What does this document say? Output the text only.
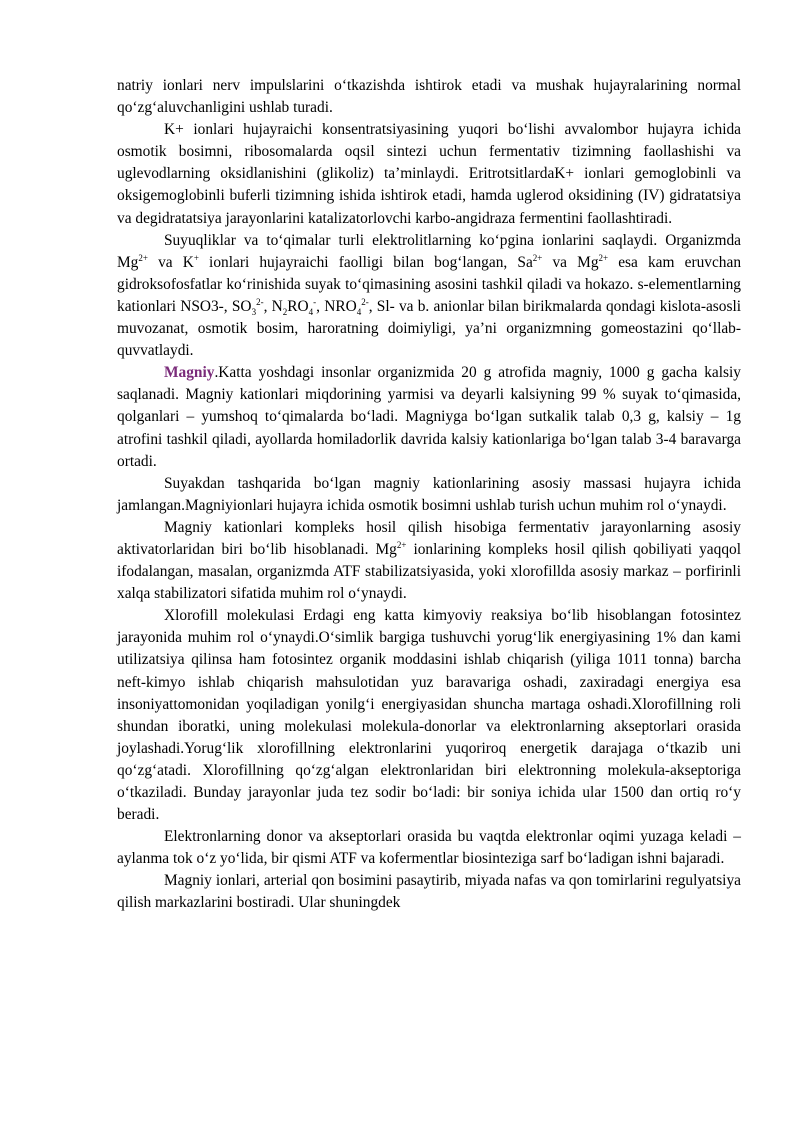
natriy ionlari nerv impulslarini o‘tkazishda ishtirok etadi va mushak hujayralarining normal qo‘zg‘aluvchanligini ushlab turadi.

K+ ionlari hujayraichi konsentratsiyasining yuqori bo‘lishi avvalombor hujayra ichida osmotik bosimni, ribosomalarda oqsil sintezi uchun fermentativ tizimning faollashishi va uglevodlarning oksidlanishini (glikoliz) ta’minlaydi. EritrotsitlardaK+ ionlari gemoglobinli va oksigemoglobinli buferli tizimning ishida ishtirok etadi, hamda uglerod oksidining (IV) gidratatsiya va degidratatsiya jarayonlarini katalizatorlovchi karbo-angidraza fermentini faollashtiradi.

Suyuqliklar va to‘qimalar turli elektrolitlarning ko‘pgina ionlarini saqlaydi. Organizmda $Mg^{2+}$ va K+ ionlari hujayraichi faolligi bilan bog‘langan, $Sa^{2+}$ va $Mg^{2+}$ esa kam eruvchan gidroksofosfatlar ko‘rinishida suyak to‘qimasining asosini tashkil qiladi va hokazo. s-elementlarning kationlari NSO3-, $SO_3^{2-}$, $N_2RO_4^-$, $NRO_4^{2-}$, Sl- va b. anionlar bilan birikmalarda qondagi kislota-asosli muvozanat, osmotik bosim, haroratning doimiyligi, ya’ni organizmning gomeostazini qo‘llab-quvvatlaydi.

Magniy.Katta yoshdagi insonlar organizmida 20 g atrofida magniy, 1000 g gacha kalsiy saqlanadi. Magniy kationlari miqdorining yarmisi va deyarli kalsiyning 99 % suyak to‘qimasida, qolganlari – yumshoq to‘qimalarda bo‘ladi. Magniyga bo‘lgan sutkalik talab 0,3 g, kalsiy – 1g atrofini tashkil qiladi, ayollarda homiladorlik davrida kalsiy kationlariga bo‘lgan talab 3-4 baravarga ortadi.

Suyakdan tashqarida bo‘lgan magniy kationlarining asosiy massasi hujayra ichida jamlangan.Magniyionlari hujayra ichida osmotik bosimni ushlab turish uchun muhim rol o‘ynaydi.

Magniy kationlari kompleks hosil qilish hisobiga fermentativ jarayonlarning asosiy aktivatorlaridan biri bo‘lib hisoblanadi. $Mg^{2+}$ ionlarining kompleks hosil qilish qobiliyati yaqqol ifodalangan, masalan, organizmda ATF stabilizatsiyasida, yoki xlorofillda asosiy markaz – porfirinli xalqa stabilizatori sifatida muhim rol o‘ynaydi.

Xlorofill molekulasi Erdagi eng katta kimyoviy reaksiya bo‘lib hisoblangan fotosintez jarayonida muhim rol o‘ynaydi.O‘simlik bargiga tushuvchi yorug‘lik energiyasining 1% dan kami utilizatsiya qilinsa ham fotosintez organik moddasini ishlab chiqarish (yiliga 1011 tonna) barcha neft-kimyo ishlab chiqarish mahsulotidan yuz baravariga oshadi, zaxiradagi energiya esa insoniyattomonidan yoqiladigan yonilg‘i energiyasidan shuncha martaga oshadi.Xlorofillning roli shundan iboratki, uning molekulasi molekula-donorlar va elektronlarning akseptorlari orasida joylashadi.Yorug‘lik xlorofillning elektronlarini yuqoriroq energetik darajaga o‘tkazib uni qo‘zg‘atadi. Xlorofillning qo‘zg‘algan elektronlaridan biri elektronning molekula-akseptoriga o‘tkaziladi. Bunday jarayonlar juda tez sodir bo‘ladi: bir soniya ichida ular 1500 dan ortiq ro‘y beradi.

Elektronlarning donor va akseptorlari orasida bu vaqtda elektronlar oqimi yuzaga keladi –aylanma tok o‘z yo‘lida, bir qismi ATF va kofermentlar biosinteziga sarf bo‘ladigan ishni bajaradi.

Magniy ionlari, arterial qon bosimini pasaytirib, miyada nafas va qon tomirlarini regulyatsiya qilish markazlarini bostiradi. Ular shuningdek
